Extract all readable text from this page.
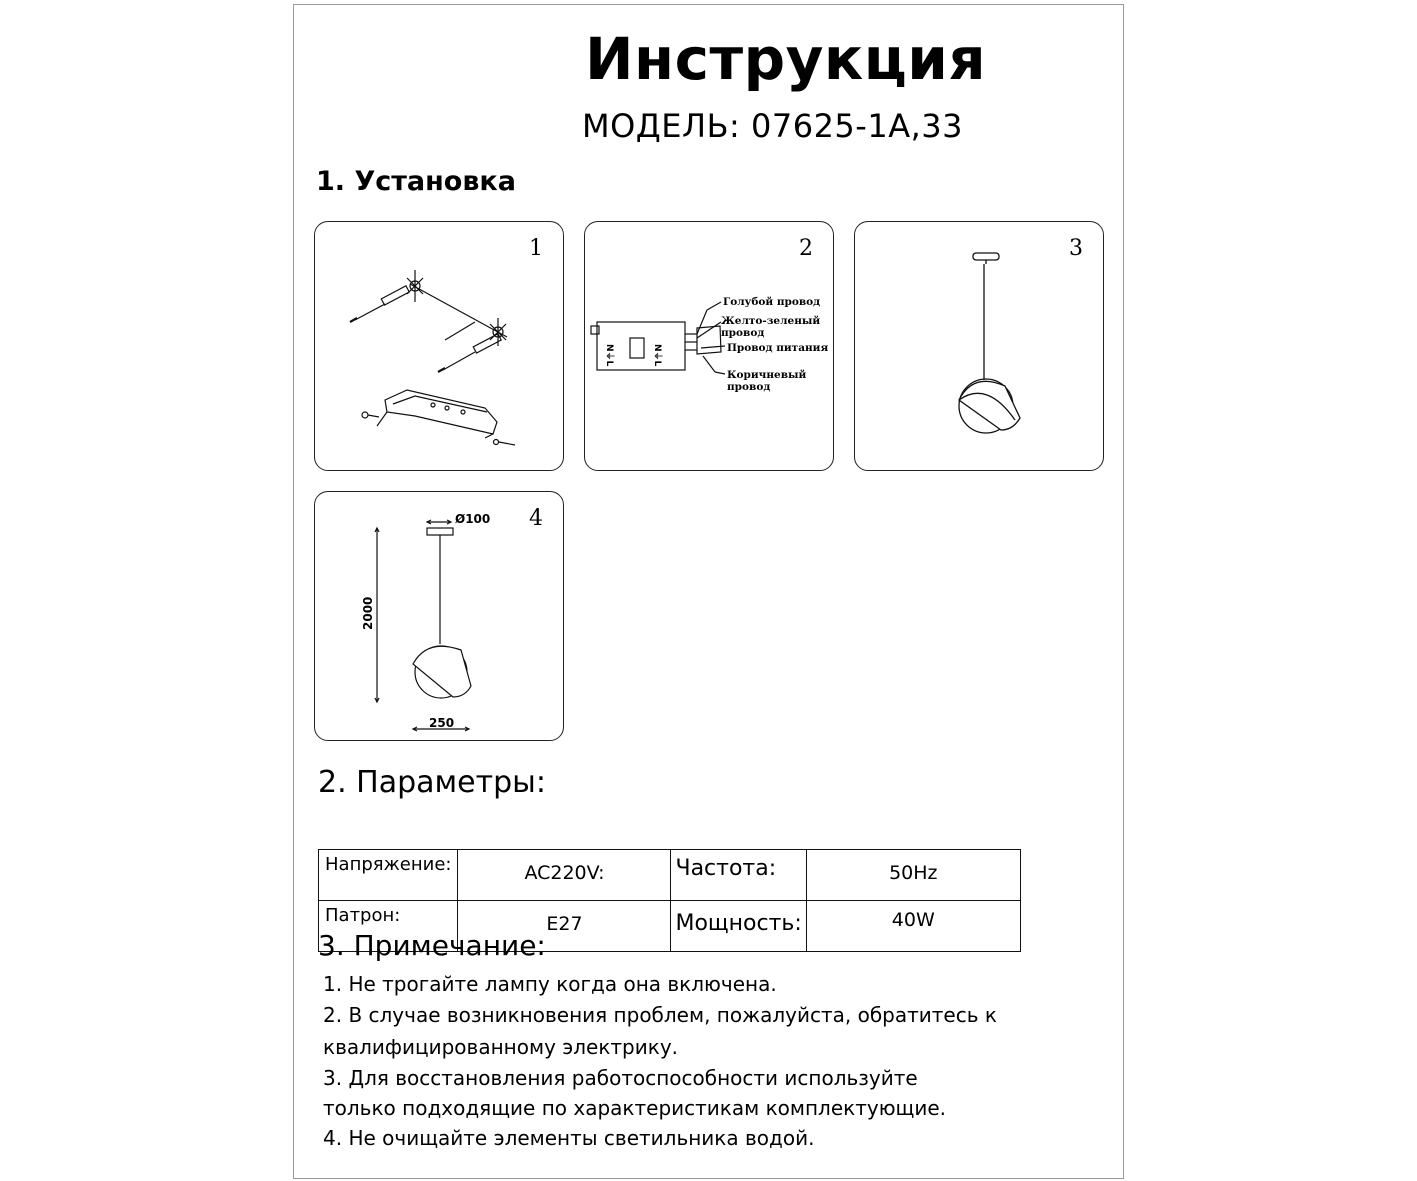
Инструкция
МОДЕЛЬ: 07625-1A,33
1. Установка
1	2
N⏚L	N⏚L
Голубой провод
Желто-зеленый провод
Провод питания
Коричневый провод
3
4
Ø100
2000
250
2. Параметры:
Напряжение:	AC220V:	Частота:	50Hz
Патрон:	E27	Мощность:	40W
3. Примечание:
1. Не трогайте лампу когда она включена.
2. В случае возникновения проблем, пожалуйста, обратитесь к
квалифицированному электрику.
3. Для восстановления работоспособности используйте
только подходящие по характеристикам комплектующие.
4. Не очищайте элементы светильника водой.
